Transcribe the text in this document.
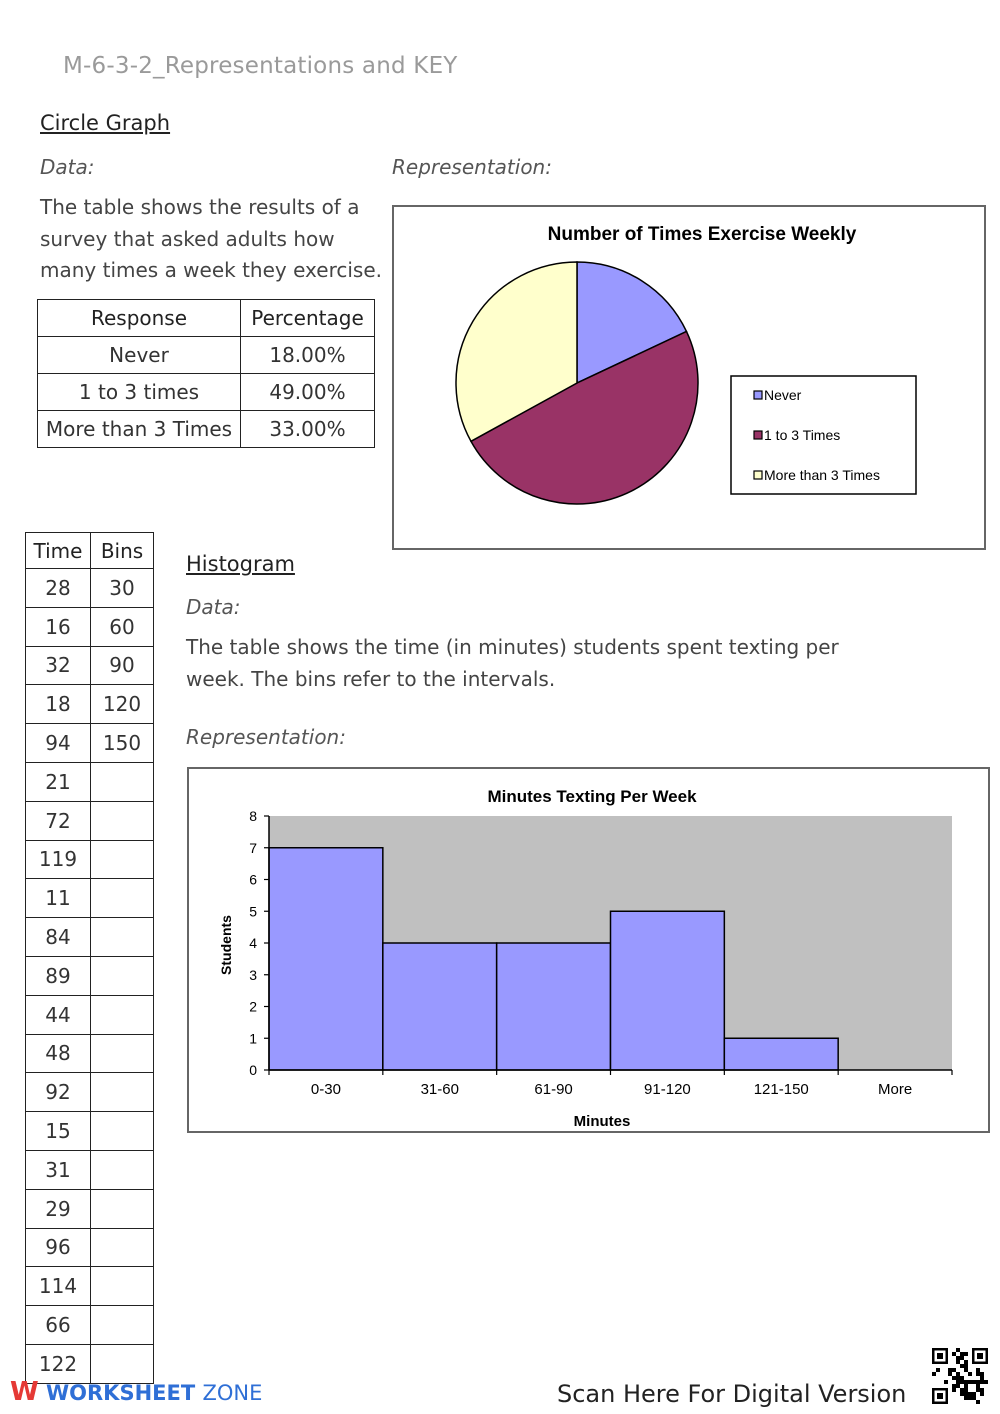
M-6-3-2_Representations and KEY
Circle Graph
Data:	Representation:
The table shows the results of a survey that asked adults how many times a week they exercise.
Response	Percentage
Never	18.00%
1 to 3 times	49.00%
More than 3 Times	33.00%
Number of Times Exercise Weekly
Never
1 to 3 Times
More than 3 Times
Histogram
Data:
The table shows the time (in minutes) students spent texting per week. The bins refer to the intervals.
Representation:
Time	Bins
28	30
16	60
32	90
18	120
94	150
21	
72	
119	
11	
84	
89	
44	
48	
92	
15	
31	
29	
96	
114	
66	
122	
Minutes Texting Per Week
Students
Minutes
0
1
2
3
4
5
6
7
8
0-30	31-60	61-90	91-120	121-150	More
W WORKSHEET ZONE	Scan Here For Digital Version
